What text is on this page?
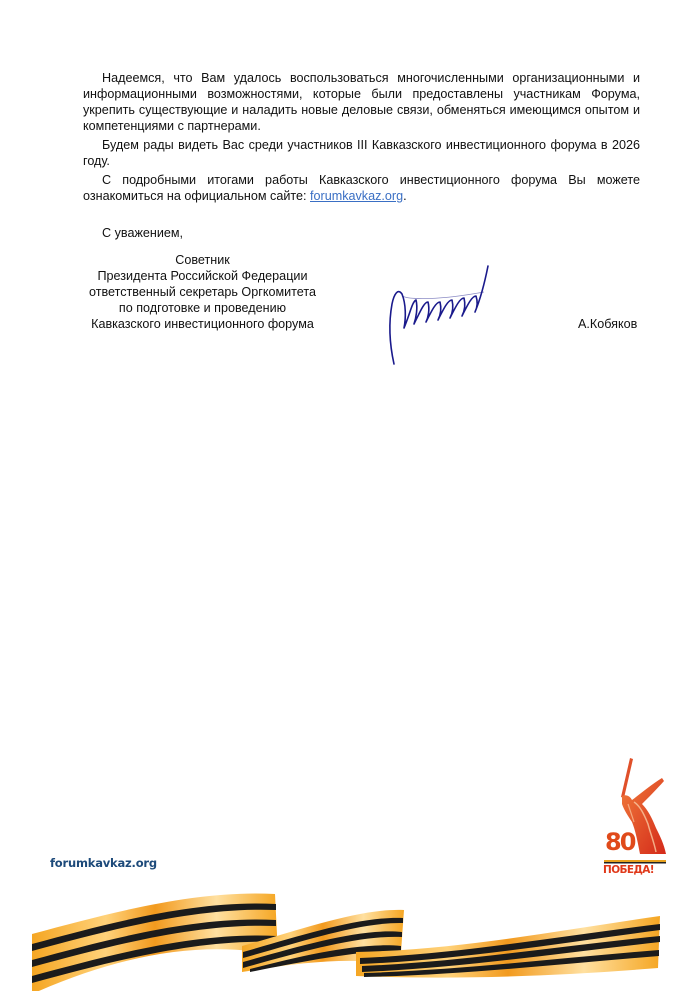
Надеемся, что Вам удалось воспользоваться многочисленными организационными и информационными возможностями, которые были предоставлены участникам Форума, укрепить существующие и наладить новые деловые связи, обменяться имеющимся опытом и компетенциями с партнерами.

Будем рады видеть Вас среди участников III Кавказского инвестиционного форума в 2026 году.

С подробными итогами работы Кавказского инвестиционного форума Вы можете ознакомиться на официальном сайте: forumkavkaz.org.

С уважением,
Советник
Президента Российской Федерации
ответственный секретарь Оргкомитета
по подготовке и проведению
Кавказского инвестиционного форума	А.Кобяков
forumkavkaz.org
80
ПОБЕДА!
